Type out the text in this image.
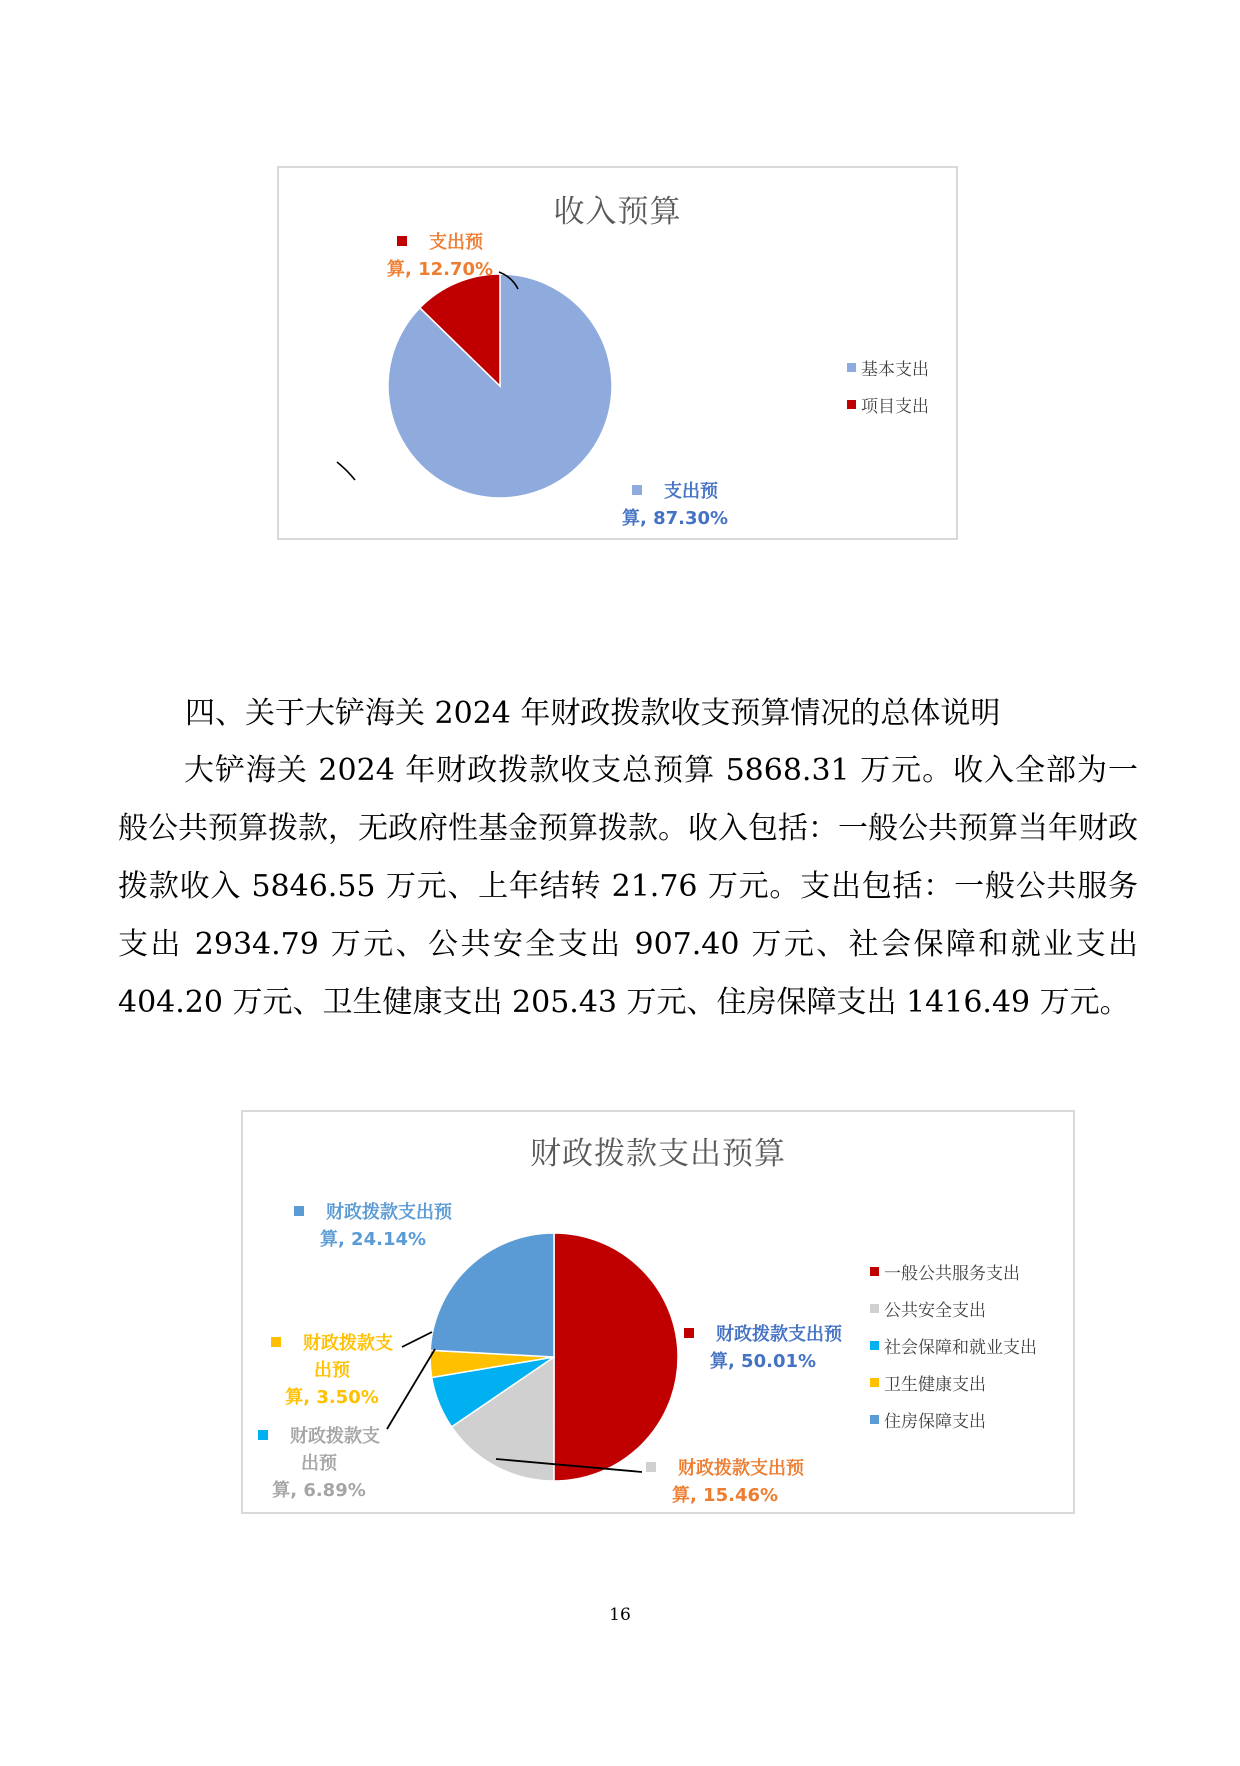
收入预算
支出预
算, 87.30%
支出预
算, 12.70%
基本支出
项目支出
四、关于大铲海关 2024 年财政拨款收支预算情况的总体说明
大铲海关 2024 年财政拨款收支总预算 5868.31 万元。收入全部为一般公共预算拨款，无政府性基金预算拨款。收入包括：一般公共预算当年财政拨款收入 5846.55 万元、上年结转 21.76 万元。支出包括：一般公共服务支出 2934.79 万元、公共安全支出 907.40 万元、社会保障和就业支出 404.20 万元、卫生健康支出 205.43 万元、住房保障支出 1416.49 万元。
财政拨款支出预算
财政拨款支出预
算, 50.01%
财政拨款支出预
算, 15.46%
财政拨款支
出预
算, 6.89%
财政拨款支
出预
算, 3.50%
财政拨款支出预
算, 24.14%
一般公共服务支出
公共安全支出
社会保障和就业支出
卫生健康支出
住房保障支出
16
